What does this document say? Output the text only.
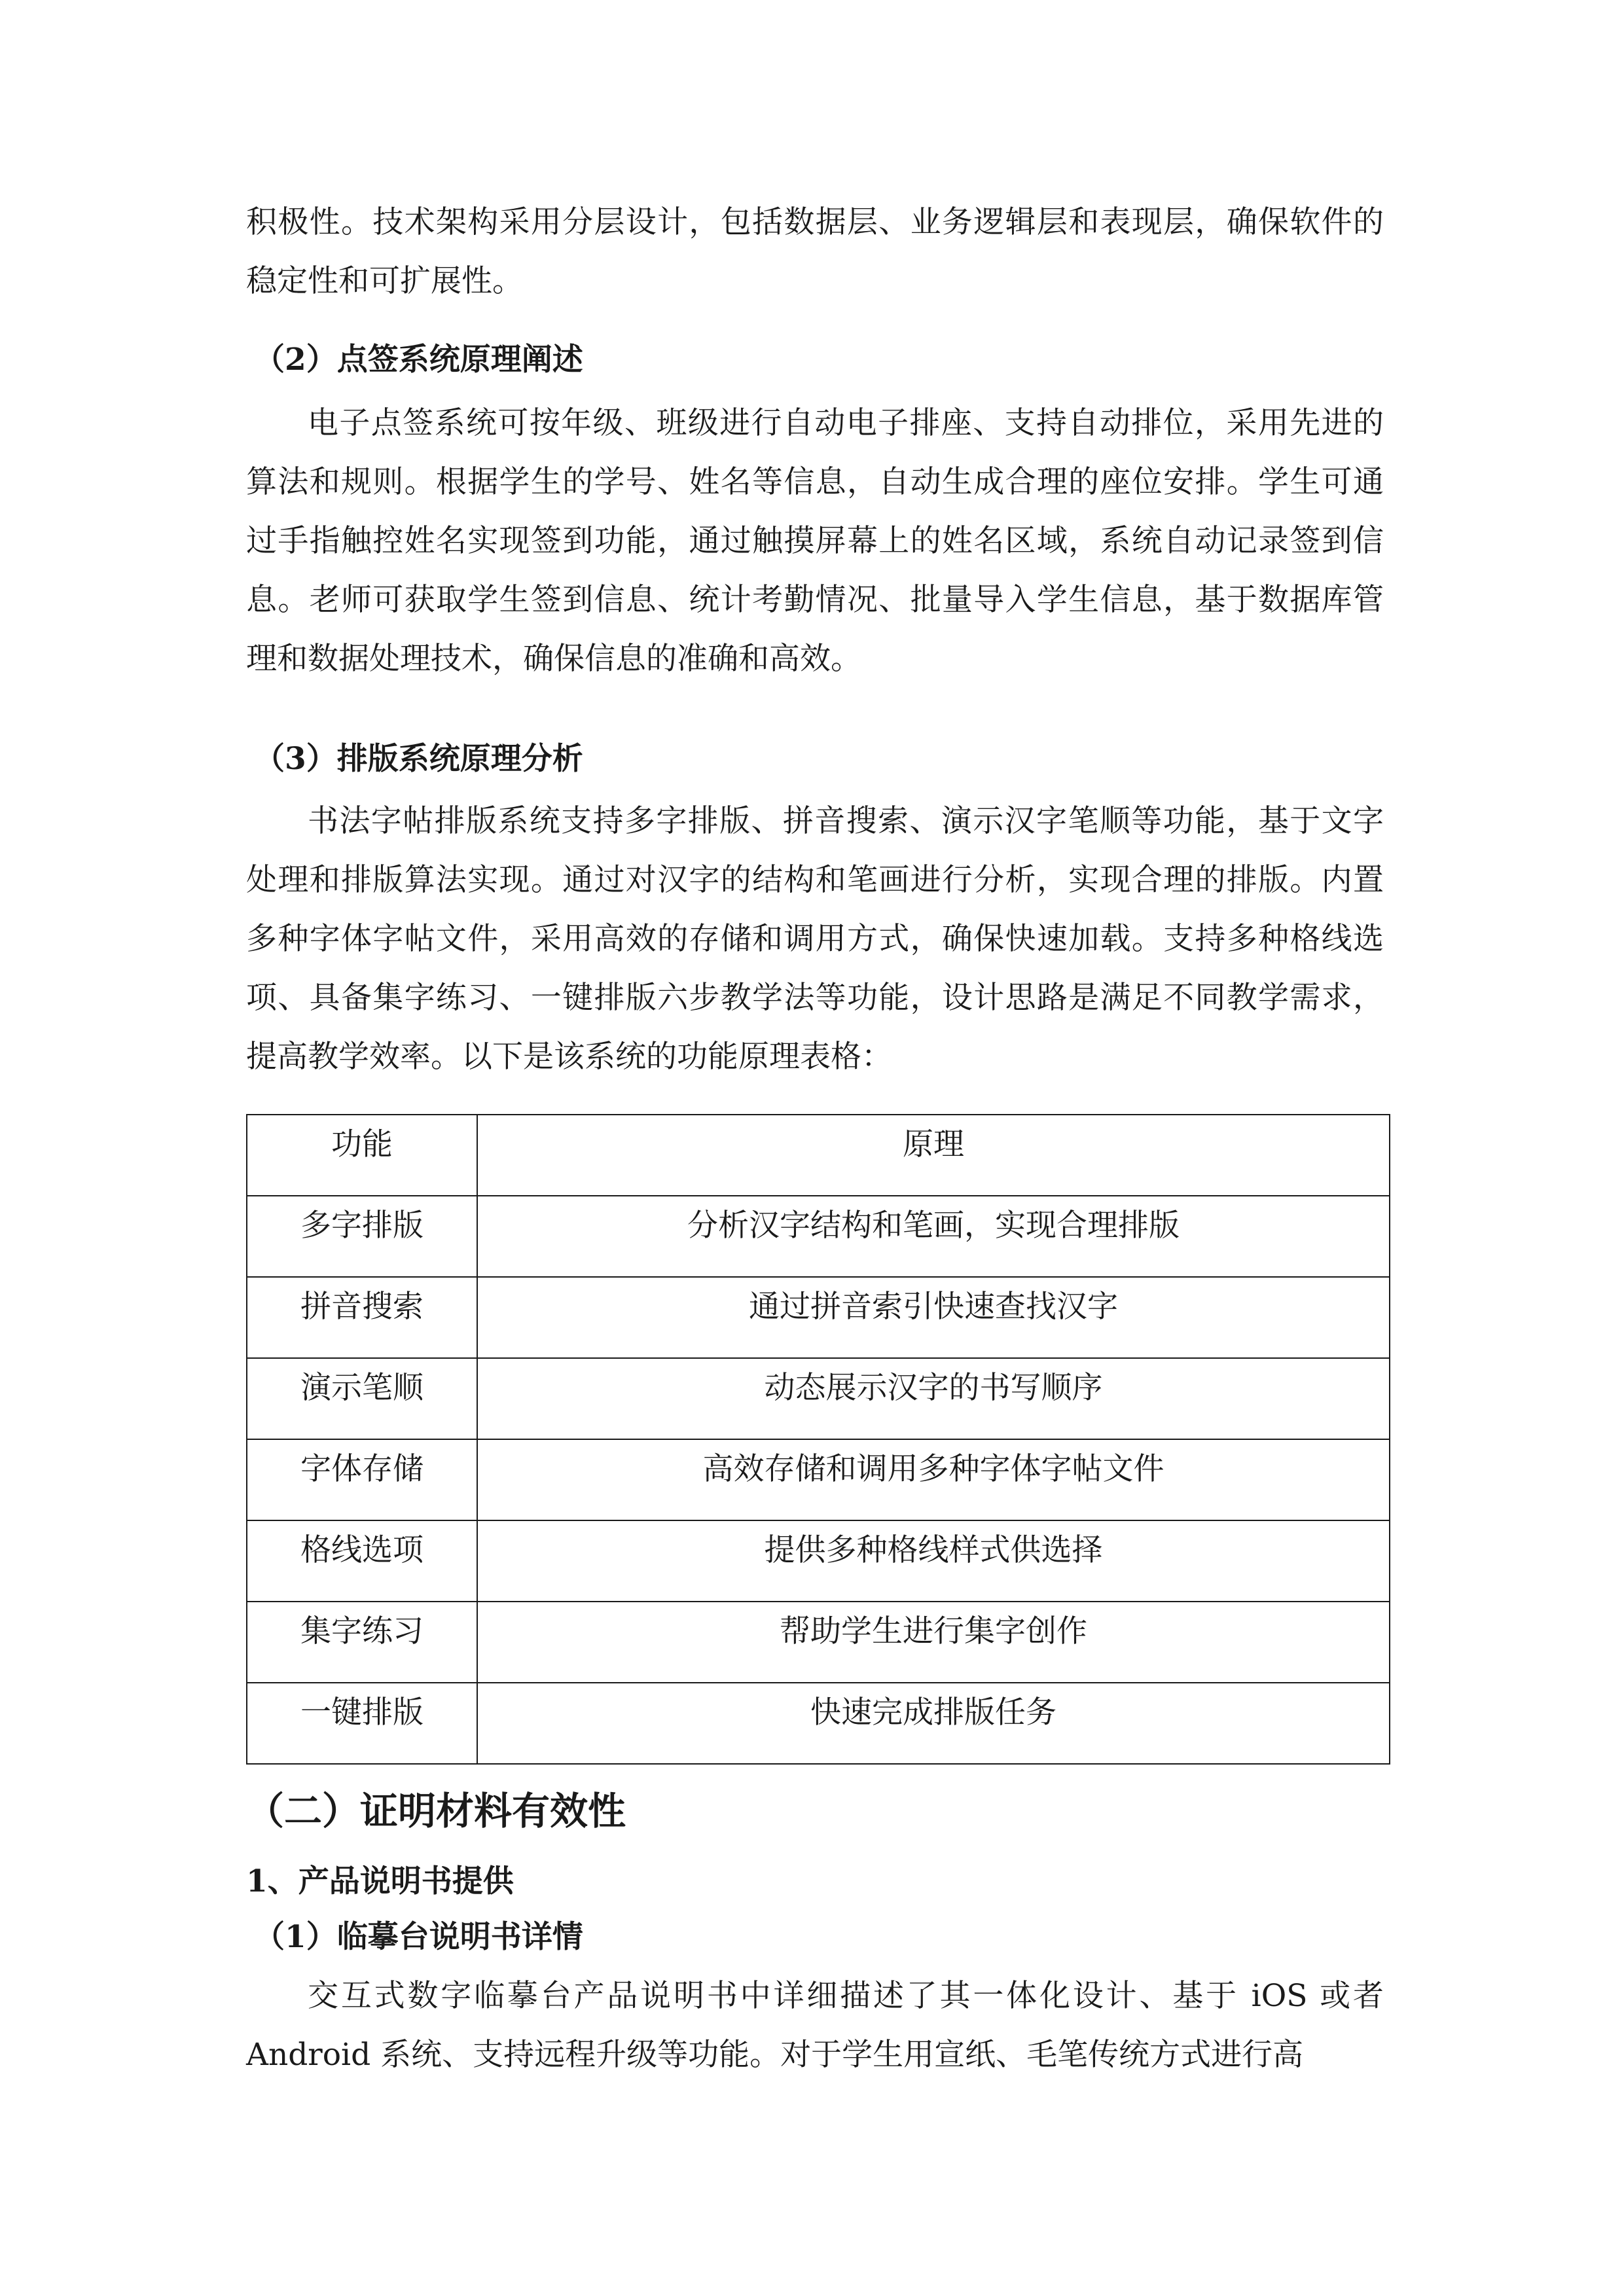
积极性。技术架构采用分层设计，包括数据层、业务逻辑层和表现层，确保软件的稳定性和可扩展性。

（2）点签系统原理阐述

电子点签系统可按年级、班级进行自动电子排座、支持自动排位，采用先进的算法和规则。根据学生的学号、姓名等信息，自动生成合理的座位安排。学生可通过手指触控姓名实现签到功能，通过触摸屏幕上的姓名区域，系统自动记录签到信息。老师可获取学生签到信息、统计考勤情况、批量导入学生信息，基于数据库管理和数据处理技术，确保信息的准确和高效。

（3）排版系统原理分析

书法字帖排版系统支持多字排版、拼音搜索、演示汉字笔顺等功能，基于文字处理和排版算法实现。通过对汉字的结构和笔画进行分析，实现合理的排版。内置多种字体字帖文件，采用高效的存储和调用方式，确保快速加载。支持多种格线选项、具备集字练习、一键排版六步教学法等功能，设计思路是满足不同教学需求，提高教学效率。以下是该系统的功能原理表格：

功能	原理
多字排版	分析汉字结构和笔画，实现合理排版
拼音搜索	通过拼音索引快速查找汉字
演示笔顺	动态展示汉字的书写顺序
字体存储	高效存储和调用多种字体字帖文件
格线选项	提供多种格线样式供选择
集字练习	帮助学生进行集字创作
一键排版	快速完成排版任务
（二）证明材料有效性
1、产品说明书提供
（1）临摹台说明书详情

交互式数字临摹台产品说明书中详细描述了其一体化设计、基于 iOS 或者 Android 系统、支持远程升级等功能。对于学生用宣纸、毛笔传统方式进行高
